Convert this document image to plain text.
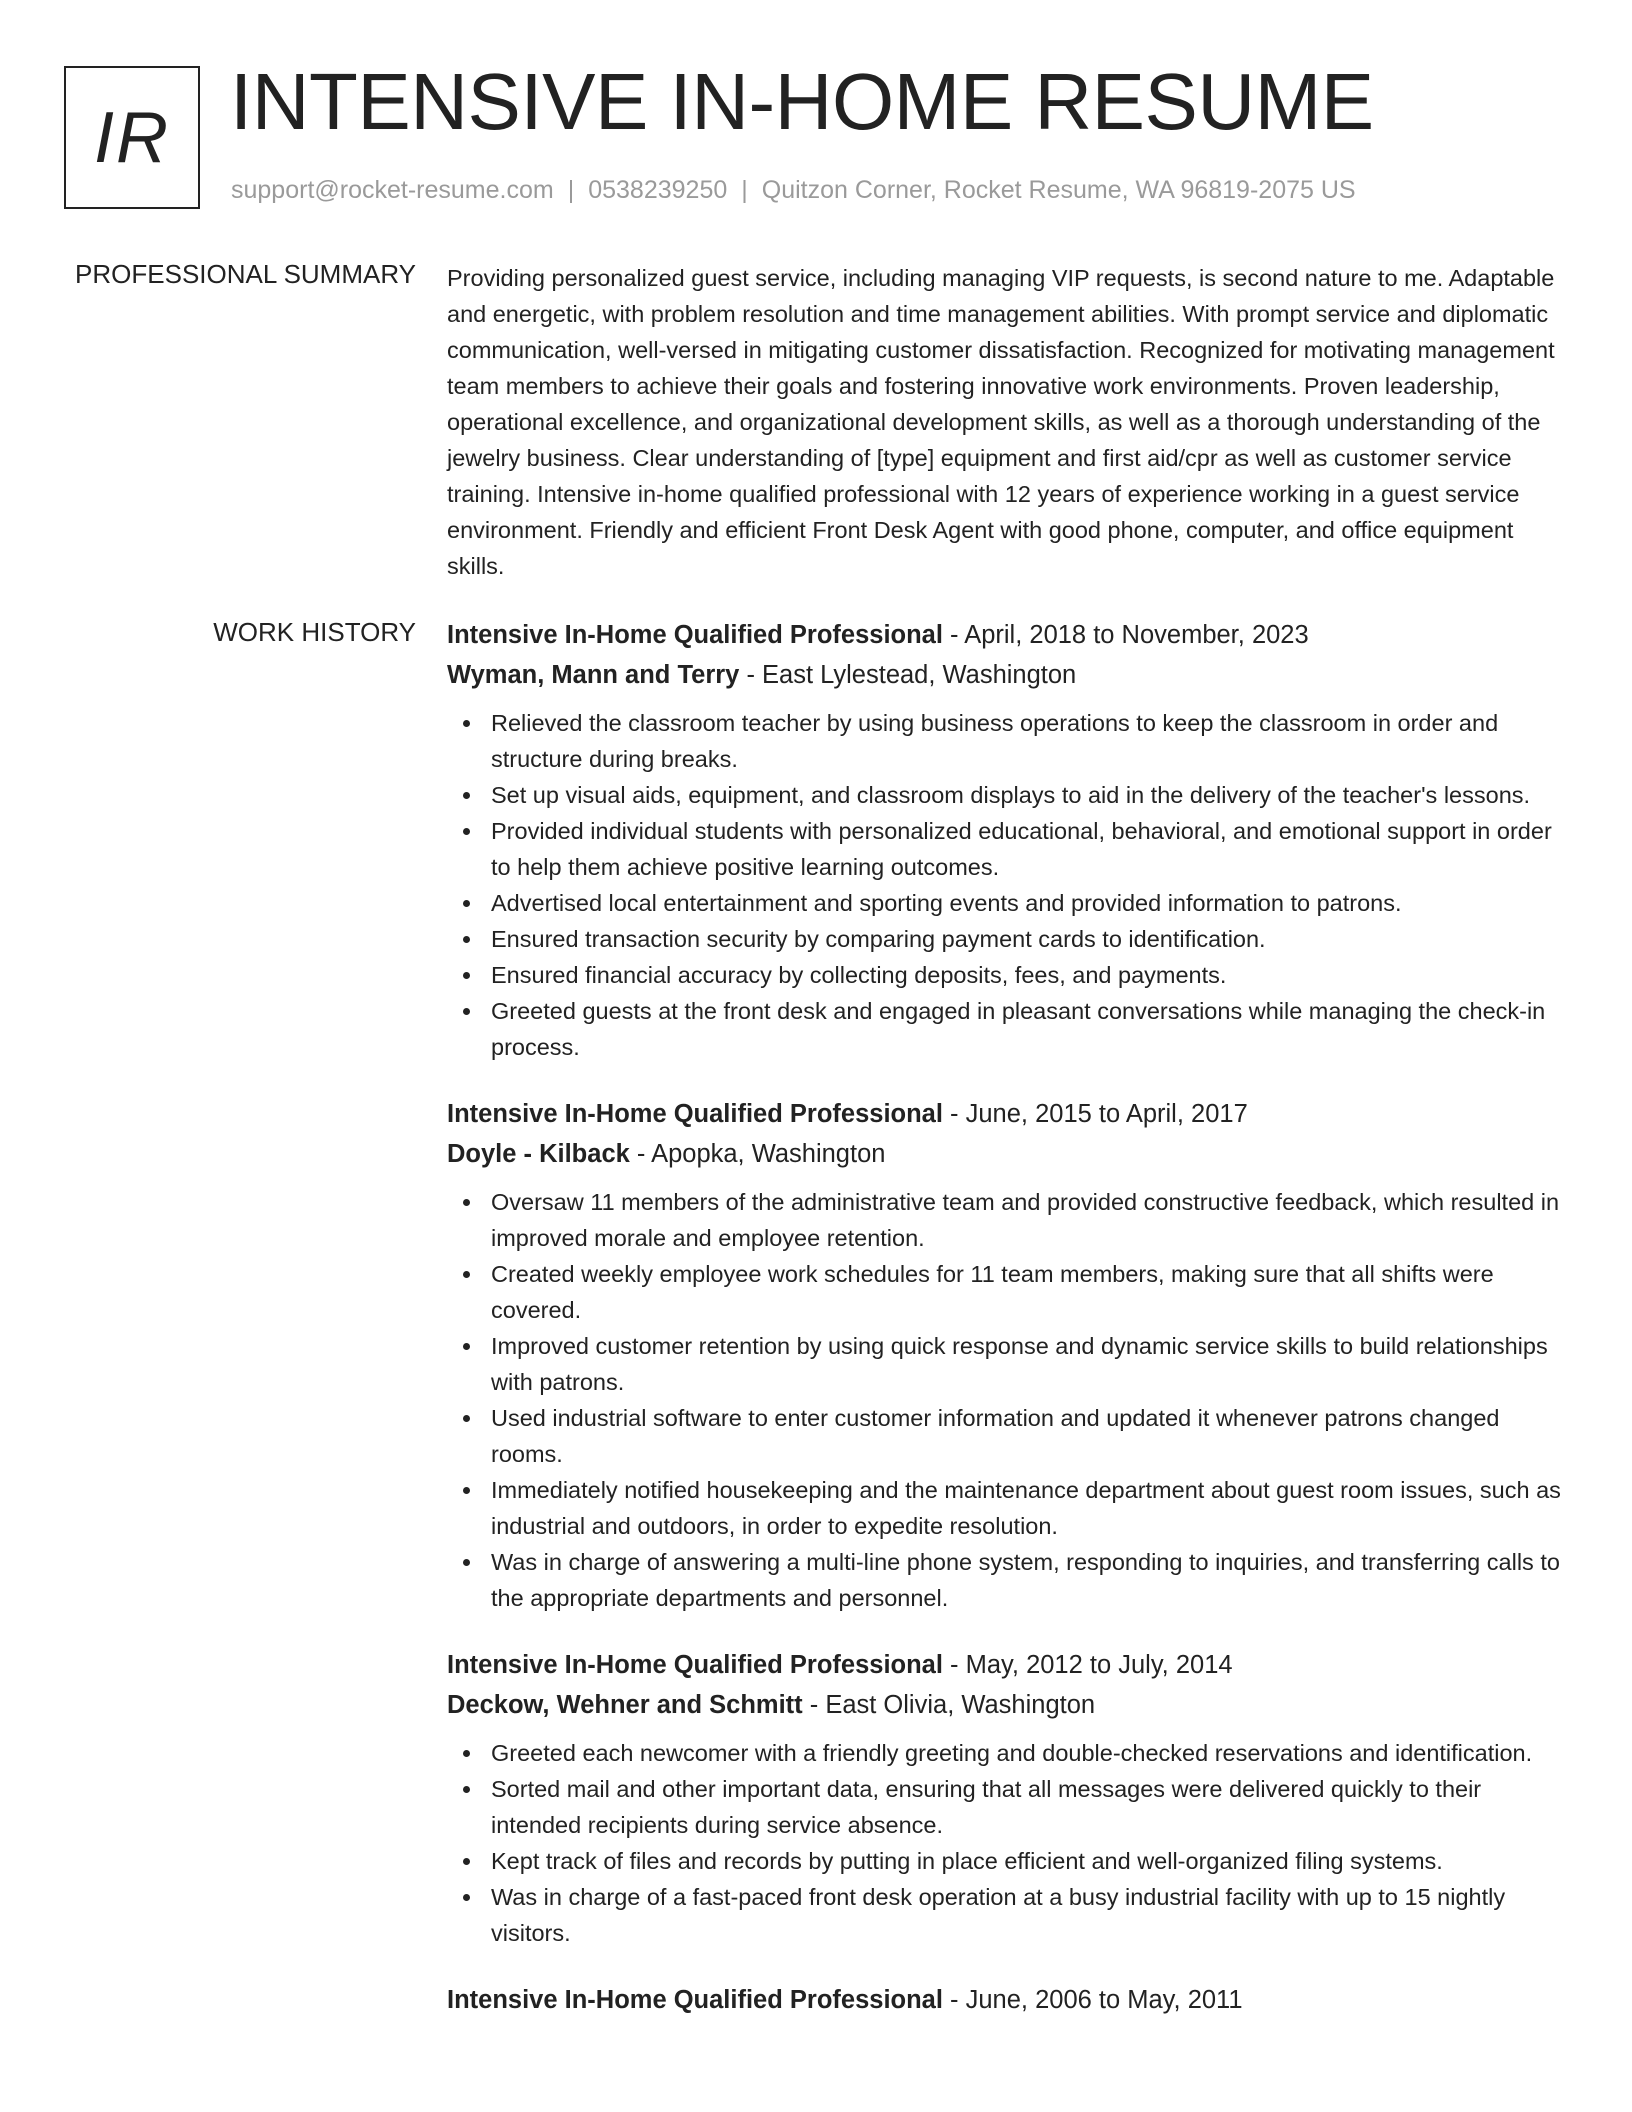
IR INTENSIVE IN-HOME RESUME
support@rocket-resume.com | 0538239250 | Quitzon Corner, Rocket Resume, WA 96819-2075 US
PROFESSIONAL SUMMARY Providing personalized guest service, including managing VIP requests, is second nature to me. Adaptable and energetic, with problem resolution and time management abilities. With prompt service and diplomatic communication, well-versed in mitigating customer dissatisfaction. Recognized for motivating management team members to achieve their goals and fostering innovative work environments. Proven leadership, operational excellence, and organizational development skills, as well as a thorough understanding of the jewelry business. Clear understanding of [type] equipment and first aid/cpr as well as customer service training. Intensive in-home qualified professional with 12 years of experience working in a guest service environment. Friendly and efficient Front Desk Agent with good phone, computer, and office equipment skills.
WORK HISTORY Intensive In-Home Qualified Professional - April, 2018 to November, 2023
Wyman, Mann and Terry - East Lylestead, Washington
Relieved the classroom teacher by using business operations to keep the classroom in order and structure during breaks.
Set up visual aids, equipment, and classroom displays to aid in the delivery of the teacher's lessons.
Provided individual students with personalized educational, behavioral, and emotional support in order to help them achieve positive learning outcomes.
Advertised local entertainment and sporting events and provided information to patrons.
Ensured transaction security by comparing payment cards to identification.
Ensured financial accuracy by collecting deposits, fees, and payments.
Greeted guests at the front desk and engaged in pleasant conversations while managing the check-in process.
Intensive In-Home Qualified Professional - June, 2015 to April, 2017
Doyle - Kilback - Apopka, Washington
Oversaw 11 members of the administrative team and provided constructive feedback, which resulted in improved morale and employee retention.
Created weekly employee work schedules for 11 team members, making sure that all shifts were covered.
Improved customer retention by using quick response and dynamic service skills to build relationships with patrons.
Used industrial software to enter customer information and updated it whenever patrons changed rooms.
Immediately notified housekeeping and the maintenance department about guest room issues, such as industrial and outdoors, in order to expedite resolution.
Was in charge of answering a multi-line phone system, responding to inquiries, and transferring calls to the appropriate departments and personnel.
Intensive In-Home Qualified Professional - May, 2012 to July, 2014
Deckow, Wehner and Schmitt - East Olivia, Washington
Greeted each newcomer with a friendly greeting and double-checked reservations and identification.
Sorted mail and other important data, ensuring that all messages were delivered quickly to their intended recipients during service absence.
Kept track of files and records by putting in place efficient and well-organized filing systems.
Was in charge of a fast-paced front desk operation at a busy industrial facility with up to 15 nightly visitors.
Intensive In-Home Qualified Professional - June, 2006 to May, 2011
